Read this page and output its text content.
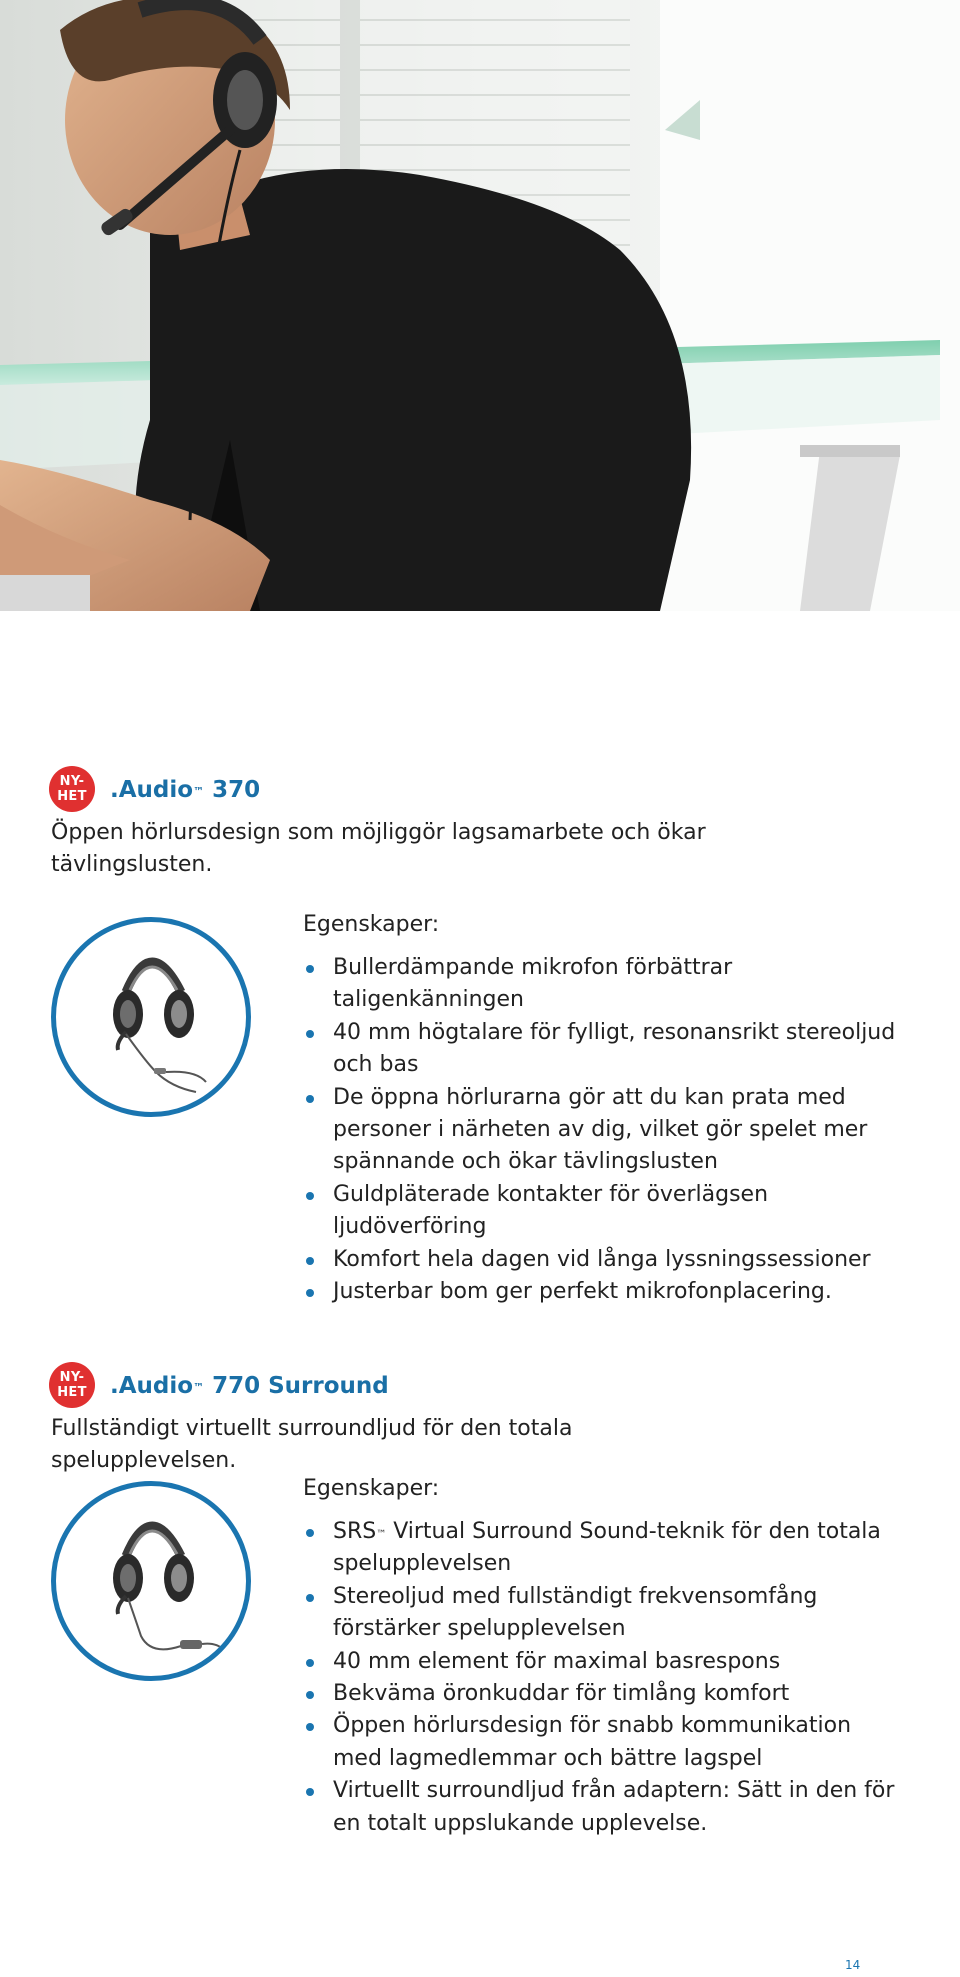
NY-
HET .Audio™ 370
Öppen hörlursdesign som möjliggör lagsamarbete och ökar tävlingslusten.
Egenskaper:
Bullerdämpande mikrofon förbättrar taligenkänningen
40 mm högtalare för fylligt, resonansrikt stereoljud och bas
De öppna hörlurarna gör att du kan prata med personer i närheten av dig, vilket gör spelet mer spännande och ökar tävlingslusten
Guldpläterade kontakter för överlägsen ljudöverföring
Komfort hela dagen vid långa lyssningssessioner
Justerbar bom ger perfekt mikrofonplacering.
NY-
HET .Audio™ 770 Surround
Fullständigt virtuellt surroundljud för den totala spelupplevelsen.
Egenskaper:
SRS™ Virtual Surround Sound-teknik för den totala spelupplevelsen
Stereoljud med fullständigt frekvensomfång förstärker spelupplevelsen
40 mm element för maximal basrespons
Bekväma öronkuddar för timlång komfort
Öppen hörlursdesign för snabb kommunikation med lagmedlemmar och bättre lagspel
Virtuellt surroundljud från adaptern: Sätt in den för en totalt uppslukande upplevelse.
14
